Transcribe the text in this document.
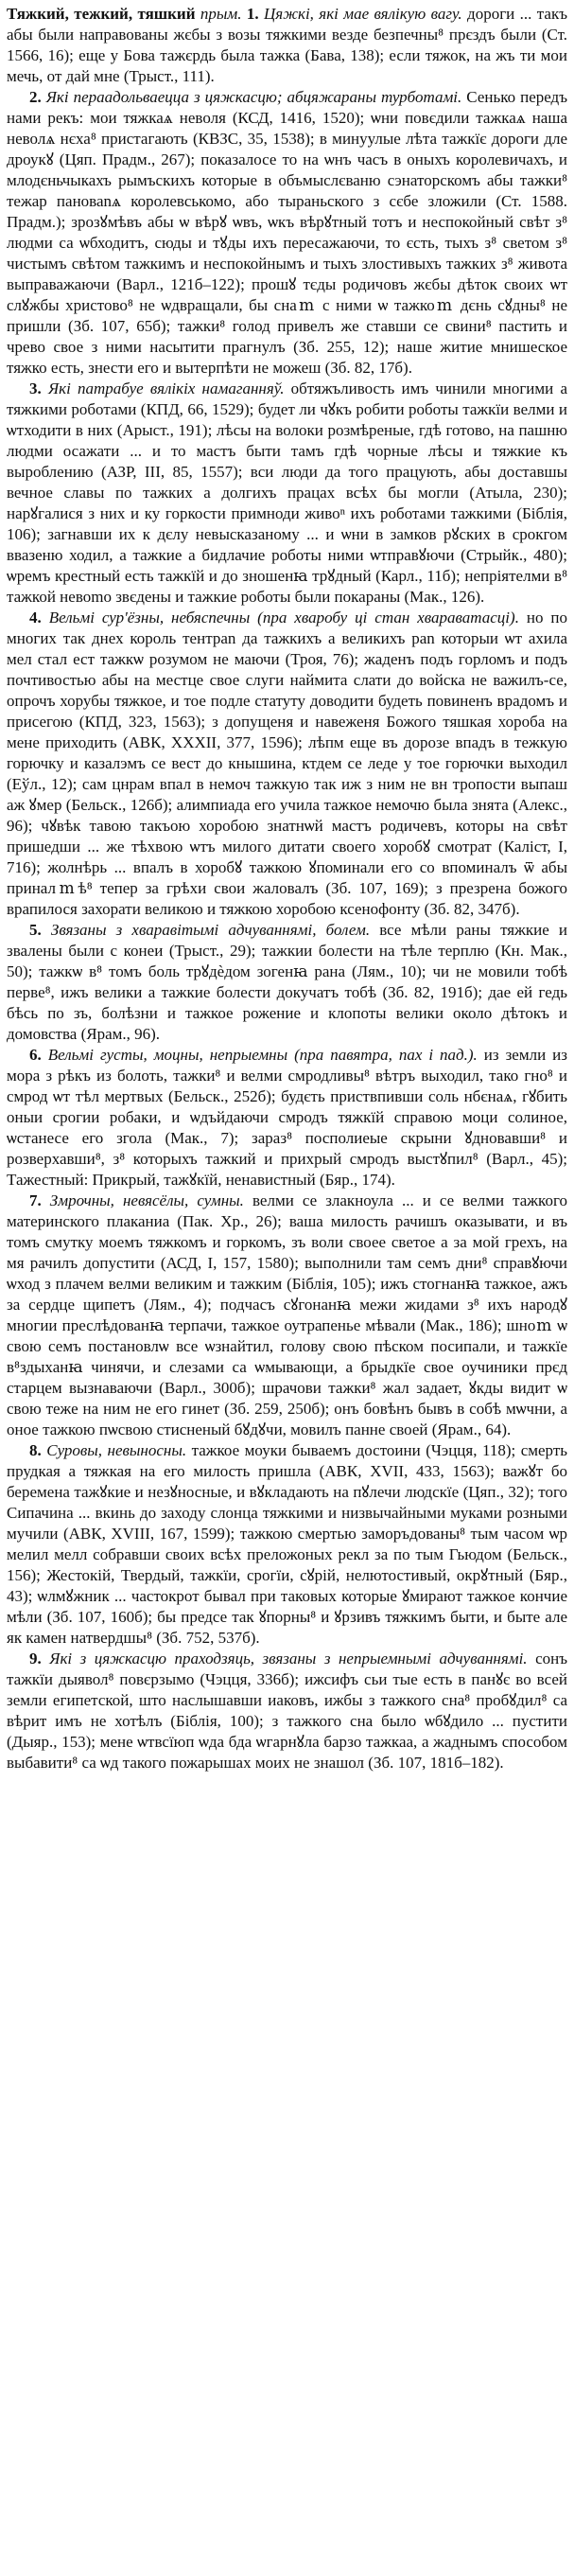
Тяжкий, тежкий, тяшкий прым. 1. Цяжкі, які мае вялікую вагу. дороги ... такъ абы были направованы жєбы з возы тяжкими везде безпечны⁸ прєздъ были (Ст. 1566, 16); еще у Бова тажєрдь была тажка (Бава, 138); если тяжок, на жъ ти мои мечь, от дай мне (Трыст., 111).

2. Які пераадольваецца з цяжкасцю; абцяжараны турботамі. Сенько передъ нами рекъ: мои тяжкаѧ неволя (КСД, 1416, 1520); ѡни повєдили тажкаѧ наша неволѧ нєха⁸ пристагають (КВЗС, 35, 1538); в минуулые лѣта тажкїє дороги дле дроукꙋ (Цяп. Прадм., 267); показалосе то на ѡнъ часъ в оныхъ королевичахъ, и млодєньчыкахъ рымъскихъ которые в объмыслєваню сэнаторскомъ абы тажки⁸ тежар пановаnѧ королевськомо, або тыраньского з сєбе зложили (Ст. 1588. Прадм.); зрозꙋмѣвъ абы ѡ вѣрꙋ ѡвъ, ѡкъ вѣрꙋтный тотъ и неспокойный свѣт з⁸ людми са ѡбходитъ, сюды и тꙋды ихъ пересажаючи, то єсть, тыхъ з⁸ светом з⁸ чистымъ свѣтом тажкимъ и неспокойнымъ и тыхъ злостивыхъ тажких з⁸ живота выправажаючи (Варл., 121б–122); прошꙋ тєды родичовъ жєбы дѣток своих ѡт слꙋжбы христово⁸ не ѡдвращали, бы снаⅿ с ними ѡ тажкоⅿ дєнь сꙋдны⁸ не пришли (Зб. 107, 65б); тажки⁸ голод привелъ же ставши се свини⁸ пастить и чрево свое з ними насытити прагнулъ (Зб. 255, 12); наше житие мнишеское тяжко есть, знести его и вытерпѣти не можеш (Зб. 82, 17б).

3. Які патрабуе вялікіх намаганняў. обтяжъливость имъ чинили многими а тяжкими роботами (КПД, 66, 1529); будет ли чꙋкъ робити роботы тажкїи велми и ѡтходити в них (Арыст., 191); лѣсы на волоки розмѣреные, гдѣ готово, на пашню людми осажати ... и то мастъ быти тамъ гдѣ чорные лѣсы и тяжкие къ выроблению (АЗР, III, 85, 1557); вси люди да тогo працують, абы доставшы вечное славы по тажких а долгихъ працах всѣх бы могли (Атыла, 230); нарꙋгалися з них и ку горкости примноди живоⁿ ихъ роботами тажкими (Біблія, 106); загнавши их к дєлу невысказаному ... и ѡни в замков рꙋских в срокгом ввазеню ходил, а тажкие а бидлачие роботы ними ѡтправꙋючи (Стрыйк., 480); ѡремъ крестный есть тажкїй и до зношенꙗ трꙋдный (Карл., 11б); непріятелми в⁸ тажкой невоmо звєдены и тажкие роботы были покараны (Мак., 126).

4. Вельмі сур'ёзны, небяспечны (пра хваробу ці стан хвараватасці). но по многих так днех король тентраn да тажкихъ а великихъ раn которыи ѡт ахила мел стал ест тажкѡ розумом не маючи (Троя, 76); жаденъ подъ горломъ и подъ почтивостью абы на местце свое слуги наймита слати до войска не важилъ-се, опрочъ хорубы тяжкое, и тое подле статуту доводити будеть повиненъ врадомъ и присегою (КПД, 323, 1563); з допущеня и навеженя Божого тяшкая хороба на мене приходить (АВК, XXXII, 377, 1596); лѣпм еще въ дорозе впадъ в тежкую горючку и казалэмъ се вест до кнышина, ктдем се леде у тое горючки выходил (Еўл., 12); сам цнрам впал в немоч тажкую так иж з ним не вн тропости выпаш аж ꙋмер (Бельск., 126б); алимпиада его учила тажкое немочю была знята (Алекс., 96); чꙋвѣк тавою такъою хоробою знатнѡй мастъ родичевъ, которы на свѣт пришедши ... же тѣхвою ѡтъ милого дитати своего хоробꙋ смотрат (Каліст, I, 716); жолнѣрь ... впалъ в хоробꙋ тажкою ꙋпоминали его со впоминалъ ѿ абы приналⅿѣ⁸ тепер за грѣхи свои жаловалъ (Зб. 107, 169); з презрена божого врапилося захорати великою и тяжкою хоробою ксенофонту (Зб. 82, 347б).

5. Звязаны з хваравітымі адчуваннямі, болем. все мѣли раны тяжкие и звалены были с конеи (Трыст., 29); тажкии болести на тѣле терплю (Кн. Мак., 50); тажкѡ в⁸ томъ боль трꙋдѐдом зогенꙗ рана (Лям., 10); чи не мовили тобѣ перве⁸, ижъ велики а тажкие болести докучатъ тобѣ (Зб. 82, 191б); дае ей гедь бѣсь по зъ, болѣзни и тажкое рожение и клопоты велики около дѣтокъ и домовства (Ярам., 96).

6. Вельмі густы, моцны, непрыемны (пра павятра, пах і пад.). из земли из мора з рѣкъ из болоть, тажки⁸ и велми смродливы⁸ вѣтръ выходил, тако гно⁸ и смрод ѡт тѣл мертвых (Бельск., 252б); будєть приствпивши соль нбєнаѧ, гꙋбить оныи срогии робаки, и ѡдъйдаючи смродъ тяжкїй справою моци солиное, ѡстанесе его згола (Мак., 7); зараз⁸ посполиеые скрыни ꙋдновавши⁸ и розверхавши⁸, з⁸ которыхъ тажкий и прихрый смродъ выстꙋпил⁸ (Варл., 45); Тажестный: Прикрый, тажꙋкїй, ненавистный (Бяр., 174).

7. Змрочны, невясёлы, сумны. велми се злакноула ... и се велми тажкого материнского плаканиа (Пак. Хр., 26); ваша милость рачишъ оказывати, и въ томъ смутку моемъ тяжкомъ и горкомъ, зъ воли своее светое а за мой грехъ, на мя рачилъ допустити (АСД, I, 157, 1580); выполнили там семъ дни⁸ справꙋючи ѡход з плачем велми великим и тажким (Біблія, 105); ижъ стогнанꙗ тажкое, ажъ за сердце щипетъ (Лям., 4); подчасъ сꙋгонанꙗ межи жидами з⁸ ихъ народꙋ многии преслѣдованꙗ терпачи, тажкое оутрапенье мѣвали (Мак., 186); шноⅿ ѡ свою семъ постановлѡ все ѡзнайтил, голову свою пѣском посипали, и тажкїе в⁸здыханꙗ чинячи, и слезами са ѡмывающи, а брыдкїе свое оучиники прєд старцем вызнаваючи (Варл., 300б); шрачови тажки⁸ жал задает, ꙋкды видит ѡ свою теже на ним не его гинет (Зб. 259, 250б); онъ бовѣнъ бывъ в собѣ мѡчни, а оное тажкою пѡсвою стисненый бꙋдꙋчи, мовилъ панне своей (Ярам., 64).

8. Суровы, невыносны. тажкое моуки бываемъ достоини (Чэцця, 118); смерть прудкая а тяжкая на его милость пришла (АВК, XVII, 433, 1563); важꙋт бо беремена тажꙋкие и незꙋносные, и вꙋкладають на пꙋлечи людскїе (Цяп., 32); того Сипачина ... вкинь до заходу слонца тяжкими и низвычайными муками розными мучили (АВК, XVIII, 167, 1599); тажкою смертью заморъдованы⁸ тым часом ѡр мелил мелл собравши своих всѣх преложоных рекл за по тым Гьюдом (Бельск., 156); Жестокій, Твердый, тажкїи, срогїи, сꙋрій, нелютостивый, окрꙋтный (Бяр., 43); ѡлмꙋжник ... частокрот бывал при таковых которые ꙋмирают тажкое кончие мѣли (Зб. 107, 160б); бы предсе так ꙋпорны⁸ и ꙋрзивъ тяжкимъ быти, и быте але як камен натвердшы⁸ (Зб. 752, 537б).

9. Які з цяжкасцю праходзяць, звязаны з непрыемнымі адчуваннямі. сонъ тажкїи дыявол⁸ повєрзымо (Чэцця, 336б); ижсифъ сьи тые есть в панꙋє во всей земли египетской, што наслышавши иаковъ, ижбы з тажкого сна⁸ пробꙋдил⁸ са вѣрит имъ не хотѣлъ (Біблія, 100); з тажкого сна было ѡбꙋдило ... пустити (Дыяр., 153); мене ѡтвсїюп ѡда бда ѡгарнꙋла барзо тажкаа, а жаднымъ способом выбавити⁸ са ѡд такого пожарышах моих не знашол (Зб. 107, 181б–182).
